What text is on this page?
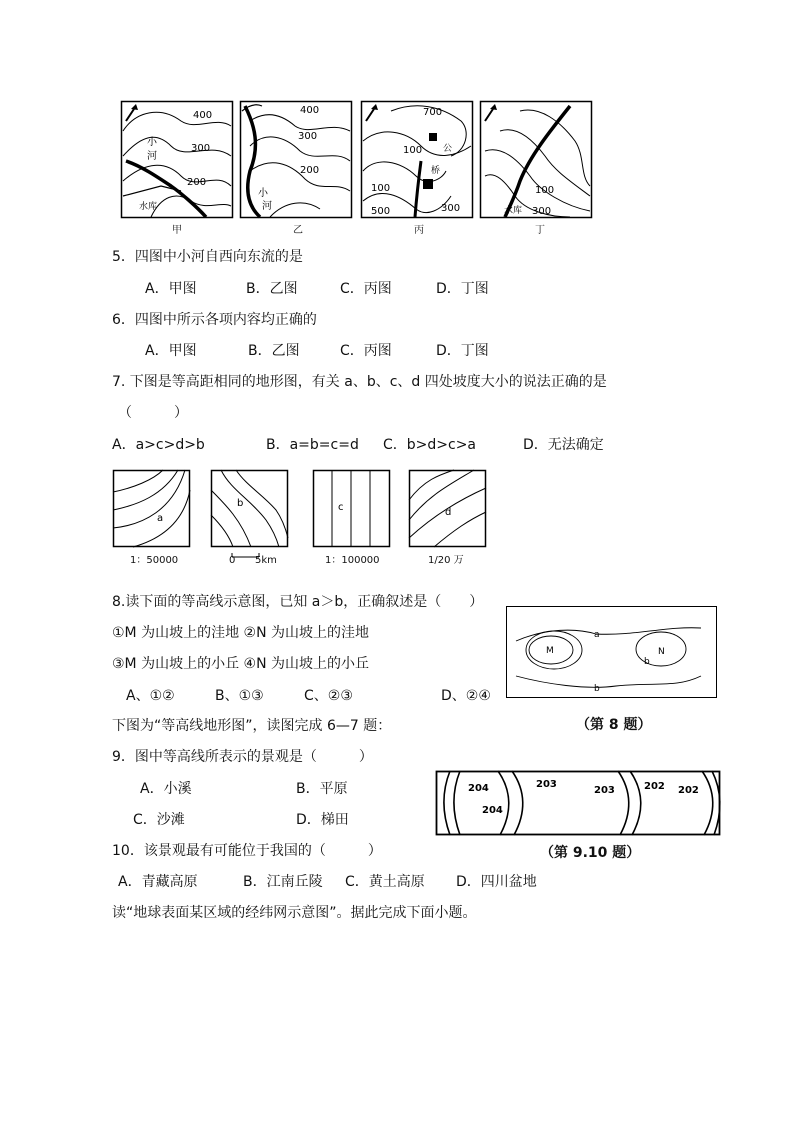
400
300
200
小
河
水库
400
300
200
小
河
700
100
100
500	300
公
桥
100
300
水库
甲	乙	丙	丁
5．四图中小河自西向东流的是
A．甲图	B．乙图	C．丙图	D．丁图
6．四图中所示各项内容均正确的
A．甲图	B．乙图	C．丙图	D．丁图
7. 下图是等高距相同的地形图，有关 a、b、c、d 四处坡度大小的说法正确的是
（　　　）
A．a>c>d>b	B．a=b=c=d C．b>d>c>a	D．无法确定
a
b	c	d
1：50000	0 5km	1：100000	1/20 万
8.读下面的等高线示意图，已知 a＞b，正确叙述是（　　）
①M 为山坡上的洼地 ②N 为山坡上的洼地
③M 为山坡上的小丘 ④N 为山坡上的小丘
A、①②	B、①③	C、②③	D、②④
a
M	N
b
b
（第 8 题）
下图为“等高线地形图”，读图完成 6—7 题：
9．图中等高线所表示的景观是（　　　）
A．小溪	B．平原
C．沙滩	D．梯田
204	203
204
203	202 202
（第 9.10 题）
10．该景观最有可能位于我国的（　　　）
A．青藏高原	B．江南丘陵 C．黄土高原 D．四川盆地
读“地球表面某区域的经纬网示意图”。据此完成下面小题。
